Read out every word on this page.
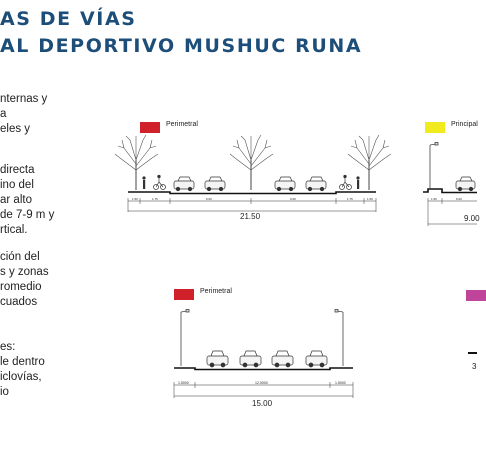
AS DE VÍAS
AL DEPORTIVO MUSHUC RUNA
nternas y
a
eles y
directa
ino del
ar alto
de 7-9 m y
rtical.
ción del
s y zonas
romedio
cuados
es:
le dentro
iclovías,
io
Perimetral	Principal
Perimetral
1.50	1.75	6.00	6.00	1.75	1.50
21.50
1.50	6.00
9.00
1.5000	12.0000	1.5000
15.00
3
